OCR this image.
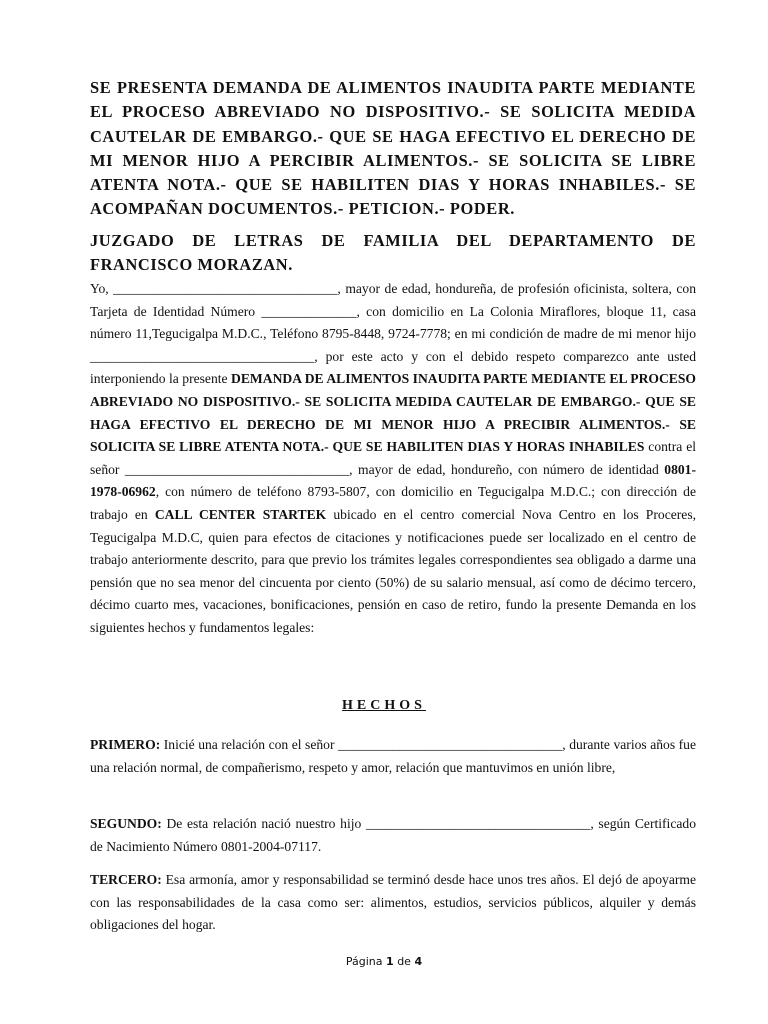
SE PRESENTA DEMANDA DE ALIMENTOS INAUDITA PARTE MEDIANTE EL PROCESO ABREVIADO NO DISPOSITIVO.- SE SOLICITA MEDIDA CAUTELAR DE EMBARGO.- QUE SE HAGA EFECTIVO EL DERECHO DE MI MENOR HIJO A PERCIBIR ALIMENTOS.- SE SOLICITA SE LIBRE ATENTA NOTA.- QUE SE HABILITEN DIAS Y HORAS INHABILES.- SE ACOMPAÑAN DOCUMENTOS.- PETICION.- PODER.

JUZGADO DE LETRAS DE FAMILIA DEL DEPARTAMENTO DE FRANCISCO MORAZAN.

Yo, _________________________________, mayor de edad, hondureña, de profesión oficinista, soltera, con Tarjeta de Identidad Número ______________, con domicilio en La Colonia Miraflores, bloque 11, casa número 11,Tegucigalpa M.D.C., Teléfono 8795-8448, 9724-7778; en mi condición de madre de mi menor hijo _________________________________, por este acto y con el debido respeto comparezco ante usted interponiendo la presente DEMANDA DE ALIMENTOS INAUDITA PARTE MEDIANTE EL PROCESO ABREVIADO NO DISPOSITIVO.- SE SOLICITA MEDIDA CAUTELAR DE EMBARGO.- QUE SE HAGA EFECTIVO EL DERECHO DE MI MENOR HIJO A PRECIBIR ALIMENTOS.- SE SOLICITA SE LIBRE ATENTA NOTA.- QUE SE HABILITEN DIAS Y HORAS INHABILES contra el señor _________________________________, mayor de edad, hondureño, con número de identidad 0801-1978-06962, con número de teléfono 8793-5807, con domicilio en Tegucigalpa M.D.C.; con dirección de trabajo en CALL CENTER STARTEK ubicado en el centro comercial Nova Centro en los Proceres, Tegucigalpa M.D.C, quien para efectos de citaciones y notificaciones puede ser localizado en el centro de trabajo anteriormente descrito, para que previo los trámites legales correspondientes sea obligado a darme una pensión que no sea menor del cincuenta por ciento (50%) de su salario mensual, así como de décimo tercero, décimo cuarto mes, vacaciones, bonificaciones, pensión en caso de retiro, fundo la presente Demanda en los siguientes hechos y fundamentos legales:

HECHOS

PRIMERO: Inicié una relación con el señor _________________________________, durante varios años fue una relación normal, de compañerismo, respeto y amor, relación que mantuvimos en unión libre,

SEGUNDO: De esta relación nació nuestro hijo _________________________________, según Certificado de Nacimiento Número 0801-2004-07117.

TERCERO: Esa armonía, amor y responsabilidad se terminó desde hace unos tres años. El dejó de apoyarme con las responsabilidades de la casa como ser: alimentos, estudios, servicios públicos, alquiler y demás obligaciones del hogar.

Página 1 de 4
